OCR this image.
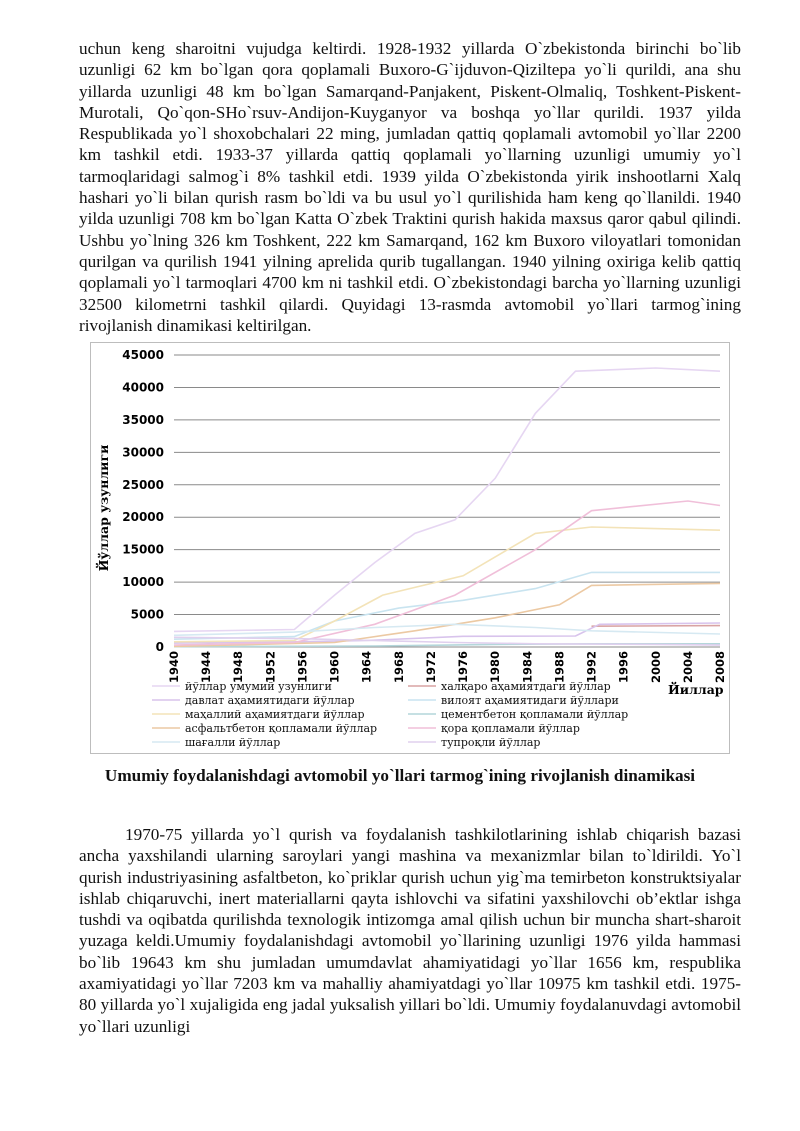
uchun keng sharoitni vujudga keltirdi. 1928-1932 yillarda O`zbekistonda birinchi bo`lib uzunligi 62 km bo`lgan qora qoplamali Buxoro-G`ijduvon-Qiziltepa yo`li qurildi, ana shu yillarda uzunligi 48 km bo`lgan Samarqand-Panjakent, Piskent-Olmaliq, Toshkent-Piskent-Murotali, Qo`qon-SHo`rsuv-Andijon-Kuyganyor va boshqa yo`llar qurildi. 1937 yilda Respublikada yo`l shoxobchalari 22 ming, jumladan qattiq qoplamali avtomobil yo`llar 2200 km tashkil etdi. 1933-37 yillarda qattiq qoplamali yo`llarning uzunligi umumiy yo`l tarmoqlaridagi salmog`i 8% tashkil etdi. 1939 yilda O`zbekistonda yirik inshootlarni Xalq hashari yo`li bilan qurish rasm bo`ldi va bu usul yo`l qurilishida ham keng qo`llanildi. 1940 yilda uzunligi 708 km bo`lgan Katta O`zbek Traktini qurish hakida maxsus qaror qabul qilindi. Ushbu yo`lning 326 km Toshkent, 222 km Samarqand, 162 km Buxoro viloyatlari tomonidan qurilgan va qurilish 1941 yilning aprelida qurib tugallangan. 1940 yilning oxiriga kelib qattiq qoplamali yo`l tarmoqlari 4700 km ni tashkil etdi. O`zbekistondagi barcha yo`llarning uzunligi 32500 kilometrni tashkil qilardi. Quyidagi 13-rasmda avtomobil yo`llari tarmog`ining rivojlanish dinamikasi keltirilgan.

0
5000
10000
15000
20000
25000
30000
35000
40000
45000
1940 1944 1948 1952 1956 1960 1964 1968 1972 1976 1980 1984 1988 1992 1996 2000 2004 2008
Йўллар узунлиги
Йиллар
йўллар умумий узунлиги	халқаро аҳамиятдаги йўллар
давлат аҳамиятидаги йўллар	вилоят аҳамиятидаги йўллари
маҳаллий аҳамиятдаги йўллар	цементбетон қопламали йўллар
асфальтбетон қопламали йўллар	қора қопламали йўллар
шағалли йўллар	тупроқли йўллар

Umumiy foydalanishdagi avtomobil yo`llari tarmog`ining rivojlanish dinamikasi

1970-75 yillarda yo`l qurish va foydalanish tashkilotlarining ishlab chiqarish bazasi ancha yaxshilandi ularning saroylari yangi mashina va mexanizmlar bilan to`ldirildi. Yo`l qurish industriyasining asfaltbeton, ko`priklar qurish uchun yig`ma temirbeton konstruktsiyalar ishlab chiqaruvchi, inert materiallarni qayta ishlovchi va sifatini yaxshilovchi ob’ektlar ishga tushdi va oqibatda qurilishda texnologik intizomga amal qilish uchun bir muncha shart-sharoit yuzaga keldi.Umumiy foydalanishdagi avtomobil yo`llarining uzunligi 1976 yilda hammasi bo`lib 19643 km shu jumladan umumdavlat ahamiyatidagi yo`llar 1656 km, respublika axamiyatidagi yo`llar 7203 km va mahalliy ahamiyatdagi yo`llar 10975 km tashkil etdi. 1975-80 yillarda yo`l xujaligida eng jadal yuksalish yillari bo`ldi. Umumiy foydalanuvdagi avtomobil yo`llari uzunligi
